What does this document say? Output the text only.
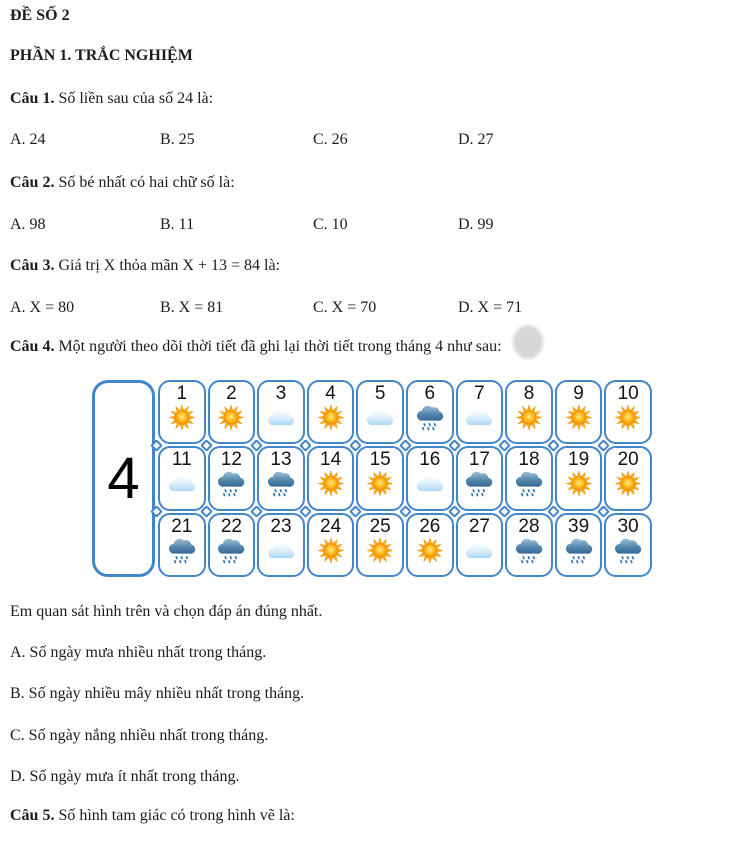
ĐỀ SỐ 2
PHẦN 1. TRẮC NGHIỆM
Câu 1. Số liền sau của số 24 là:
A. 24	B. 25	C. 26	D. 27
Câu 2. Số bé nhất có hai chữ số là:
A. 98	B. 11	C. 10	D. 99
Câu 3. Giá trị X thỏa mãn X + 13 = 84 là:
A. X = 80	B. X = 81	C. X = 70	D. X = 71
Câu 4. Một người theo dõi thời tiết đã ghi lại thời tiết trong tháng 4 như sau:
4
1 2 3 4 5 6 7 8 9 10
11 12 13 14 15 16 17 18 19 20
21 22 23 24 25 26 27 28 39 30
Em quan sát hình trên và chọn đáp án đúng nhất.
A. Số ngày mưa nhiều nhất trong tháng.
B. Số ngày nhiều mây nhiều nhất trong tháng.
C. Số ngày nắng nhiều nhất trong tháng.
D. Số ngày mưa ít nhất trong tháng.
Câu 5. Số hình tam giác có trong hình vẽ là:
